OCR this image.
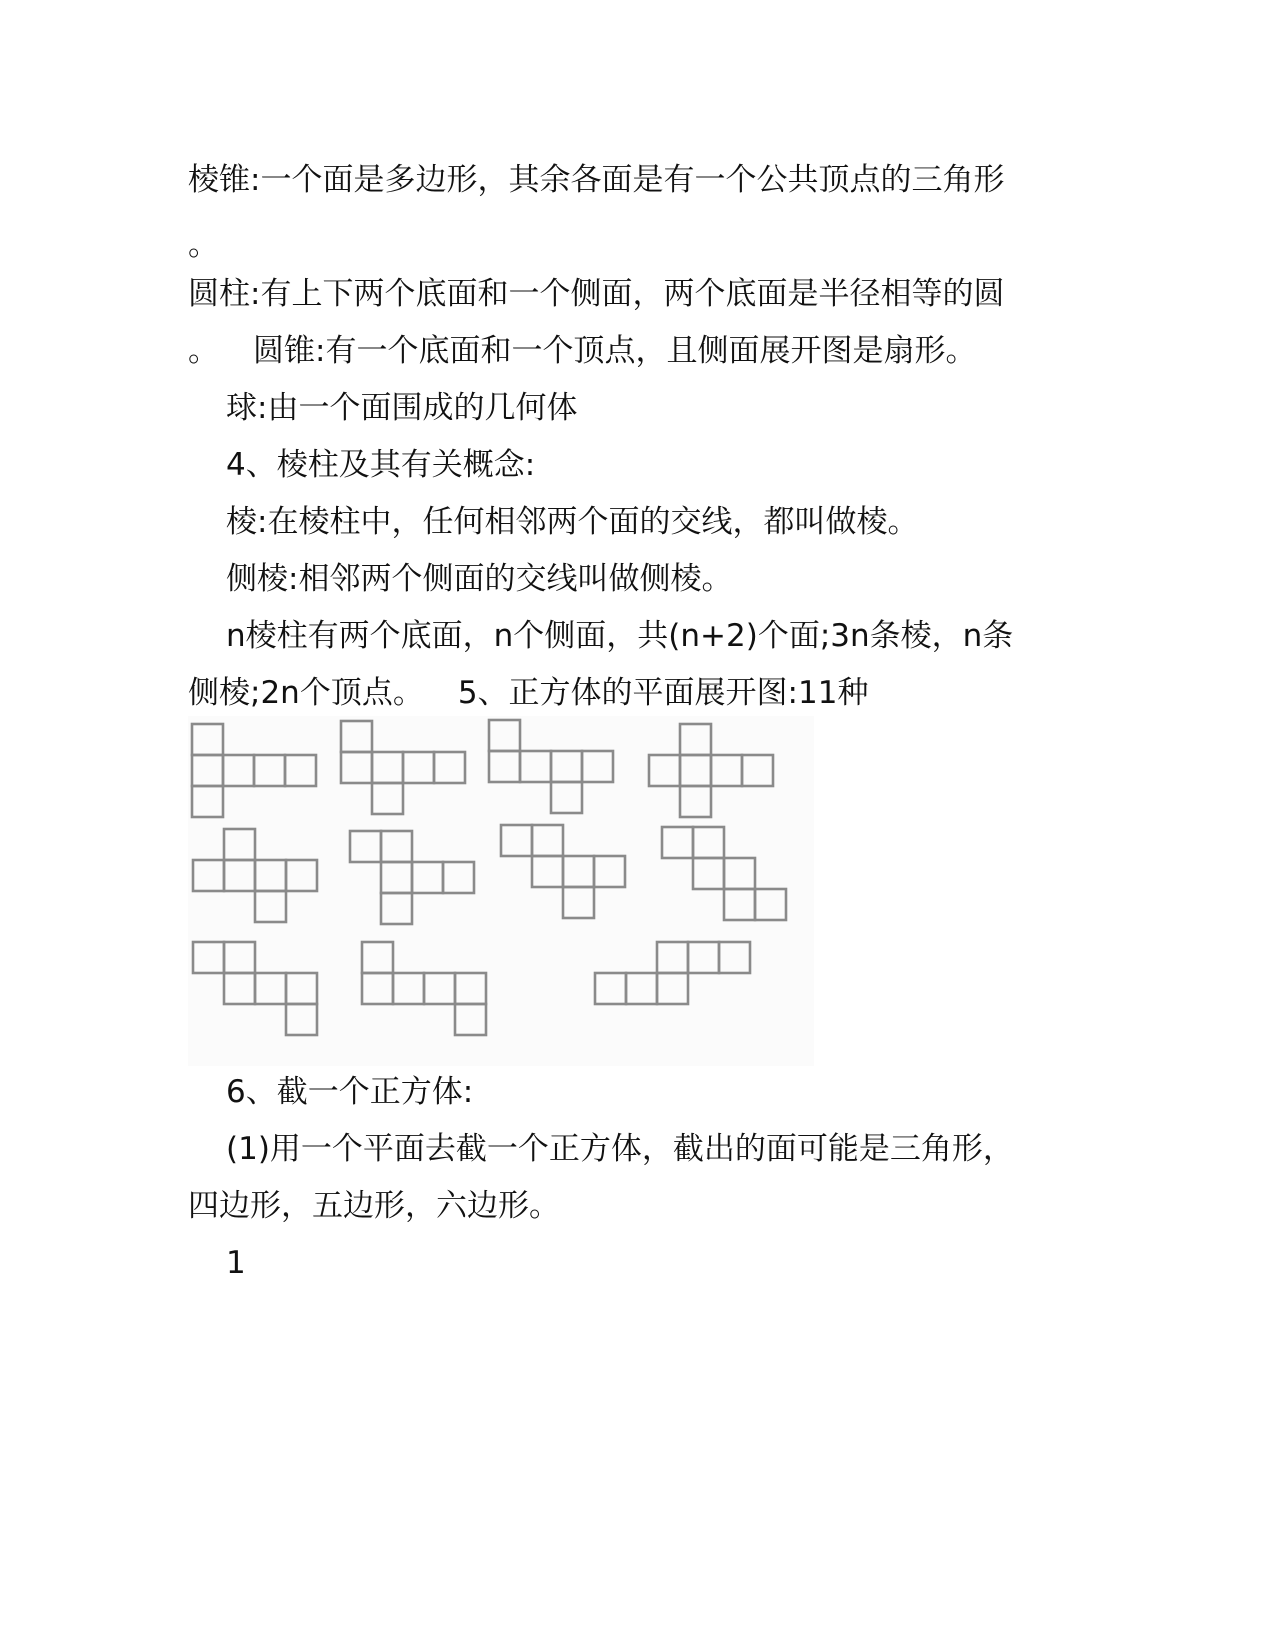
棱锥:一个面是多边形，其余各面是有一个公共顶点的三角形
。
圆柱:有上下两个底面和一个侧面，两个底面是半径相等的圆
。 圆锥:有一个底面和一个顶点，且侧面展开图是扇形。
球:由一个面围成的几何体
4、棱柱及其有关概念:
棱:在棱柱中，任何相邻两个面的交线，都叫做棱。
侧棱:相邻两个侧面的交线叫做侧棱。
n棱柱有两个底面，n个侧面，共(n+2)个面;3n条棱，n条
侧棱;2n个顶点。 5、正方体的平面展开图:11种
6、截一个正方体:
(1)用一个平面去截一个正方体，截出的面可能是三角形，
四边形，五边形，六边形。
1
